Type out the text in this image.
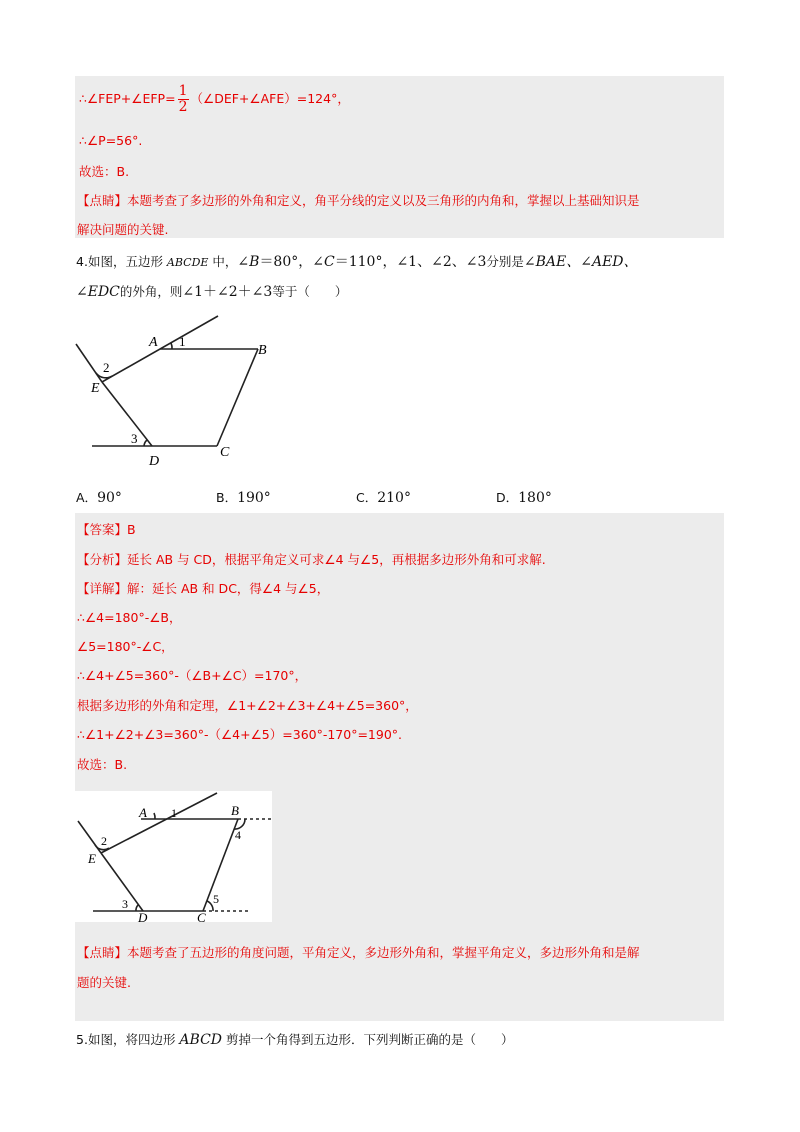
∴∠FEP+∠EFP= $\frac{1}{2}$ （∠DEF+∠AFE）=124°，
∴∠P=56°.
故选：B.
【点睛】本题考查了多边形的外角和定义，角平分线的定义以及三角形的内角和，掌握以上基础知识是
解决问题的关键.
4.如图，五边形 ABCDE 中，∠B＝80°，∠C＝110°，∠1、∠2、∠3分别是∠BAE、∠AED、
∠EDC的外角，则∠1＋∠2＋∠3等于（　　）
A
B
C
D
E
1
2
3
A．90°	B．190°	C．210°	D．180°
【答案】B
【分析】延长 AB 与 CD，根据平角定义可求∠4 与∠5，再根据多边形外角和可求解.
【详解】解：延长 AB 和 DC，得∠4 与∠5，
∴∠4=180°-∠B，
∠5=180°-∠C，
∴∠4+∠5=360°-（∠B+∠C）=170°，
根据多边形的外角和定理，∠1+∠2+∠3+∠4+∠5=360°，
∴∠1+∠2+∠3=360°-（∠4+∠5）=360°-170°=190°.
故选：B.
A	B
C
D
E
1
2
3
4
5
【点睛】本题考查了五边形的角度问题，平角定义，多边形外角和，掌握平角定义，多边形外角和是解
题的关键.
5.如图，将四边形 ABCD 剪掉一个角得到五边形．下列判断正确的是（　　）
